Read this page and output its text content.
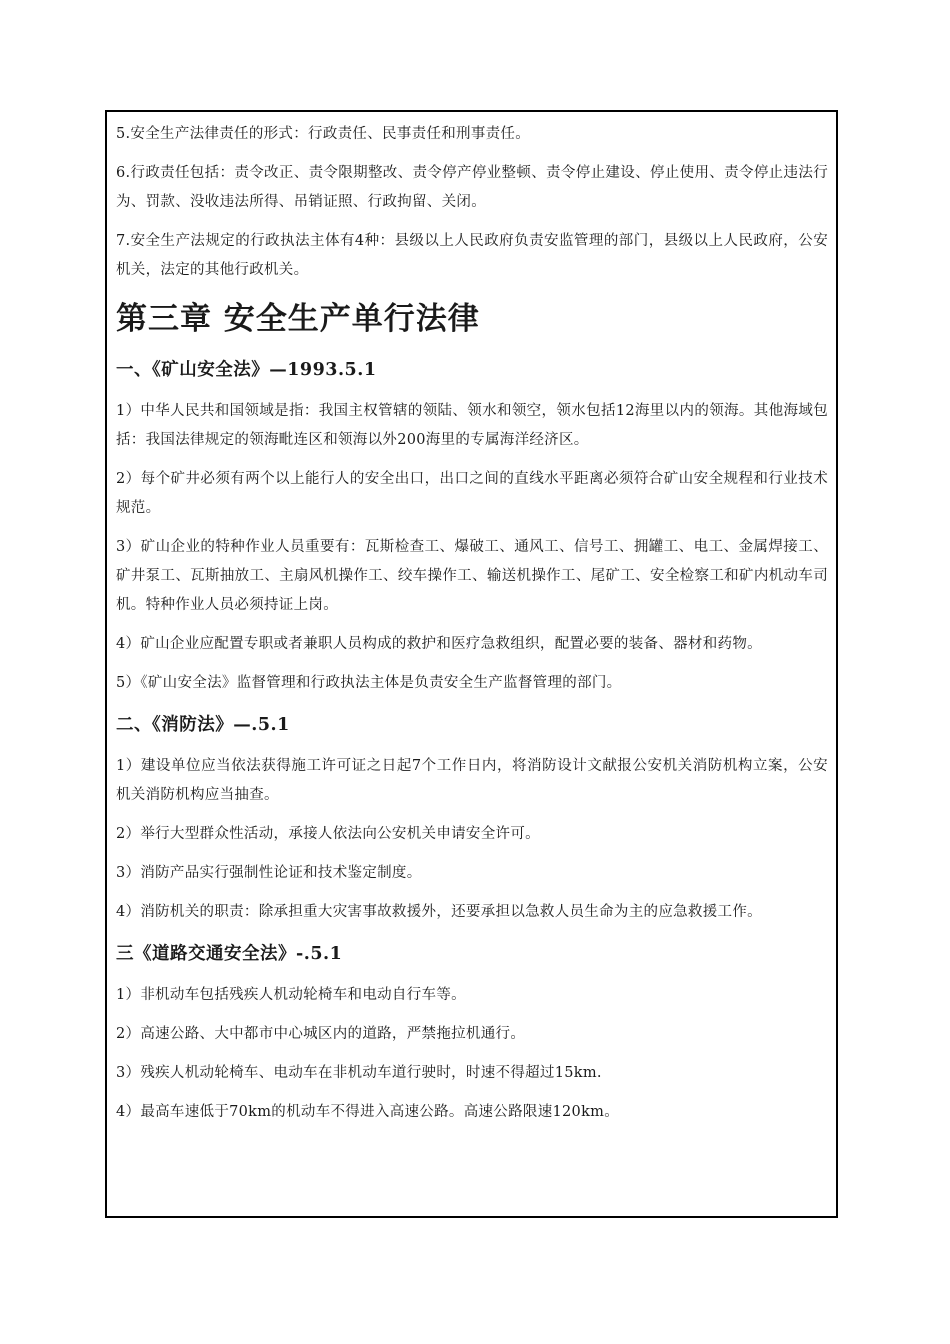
5.安全生产法律责任的形式：行政责任、民事责任和刑事责任。

6.行政责任包括：责令改正、责令限期整改、责令停产停业整顿、责令停止建设、停止使用、责令停止违法行为、罚款、没收违法所得、吊销证照、行政拘留、关闭。

7.安全生产法规定的行政执法主体有4种：县级以上人民政府负责安监管理的部门，县级以上人民政府，公安机关，法定的其他行政机关。

第三章 安全生产单行法律
一、《矿山安全法》—1993.5.1

1）中华人民共和国领域是指：我国主权管辖的领陆、领水和领空，领水包括12海里以内的领海。其他海域包括：我国法律规定的领海毗连区和领海以外200海里的专属海洋经济区。

2）每个矿井必须有两个以上能行人的安全出口，出口之间的直线水平距离必须符合矿山安全规程和行业技术规范。

3）矿山企业的特种作业人员重要有：瓦斯检查工、爆破工、通风工、信号工、拥罐工、电工、金属焊接工、矿井泵工、瓦斯抽放工、主扇风机操作工、绞车操作工、输送机操作工、尾矿工、安全检察工和矿内机动车司机。特种作业人员必须持证上岗。

4）矿山企业应配置专职或者兼职人员构成的救护和医疗急救组织，配置必要的装备、器材和药物。

5）《矿山安全法》监督管理和行政执法主体是负责安全生产监督管理的部门。

二、《消防法》—.5.1

1）建设单位应当依法获得施工许可证之日起7个工作日内，将消防设计文献报公安机关消防机构立案，公安机关消防机构应当抽查。

2）举行大型群众性活动，承接人依法向公安机关申请安全许可。

3）消防产品实行强制性论证和技术鉴定制度。

4）消防机关的职责：除承担重大灾害事故救援外，还要承担以急救人员生命为主的应急救援工作。

三《道路交通安全法》-.5.1

1）非机动车包括残疾人机动轮椅车和电动自行车等。

2）高速公路、大中都市中心城区内的道路，严禁拖拉机通行。

3）残疾人机动轮椅车、电动车在非机动车道行驶时，时速不得超过15km.

4）最高车速低于70km的机动车不得进入高速公路。高速公路限速120km。
